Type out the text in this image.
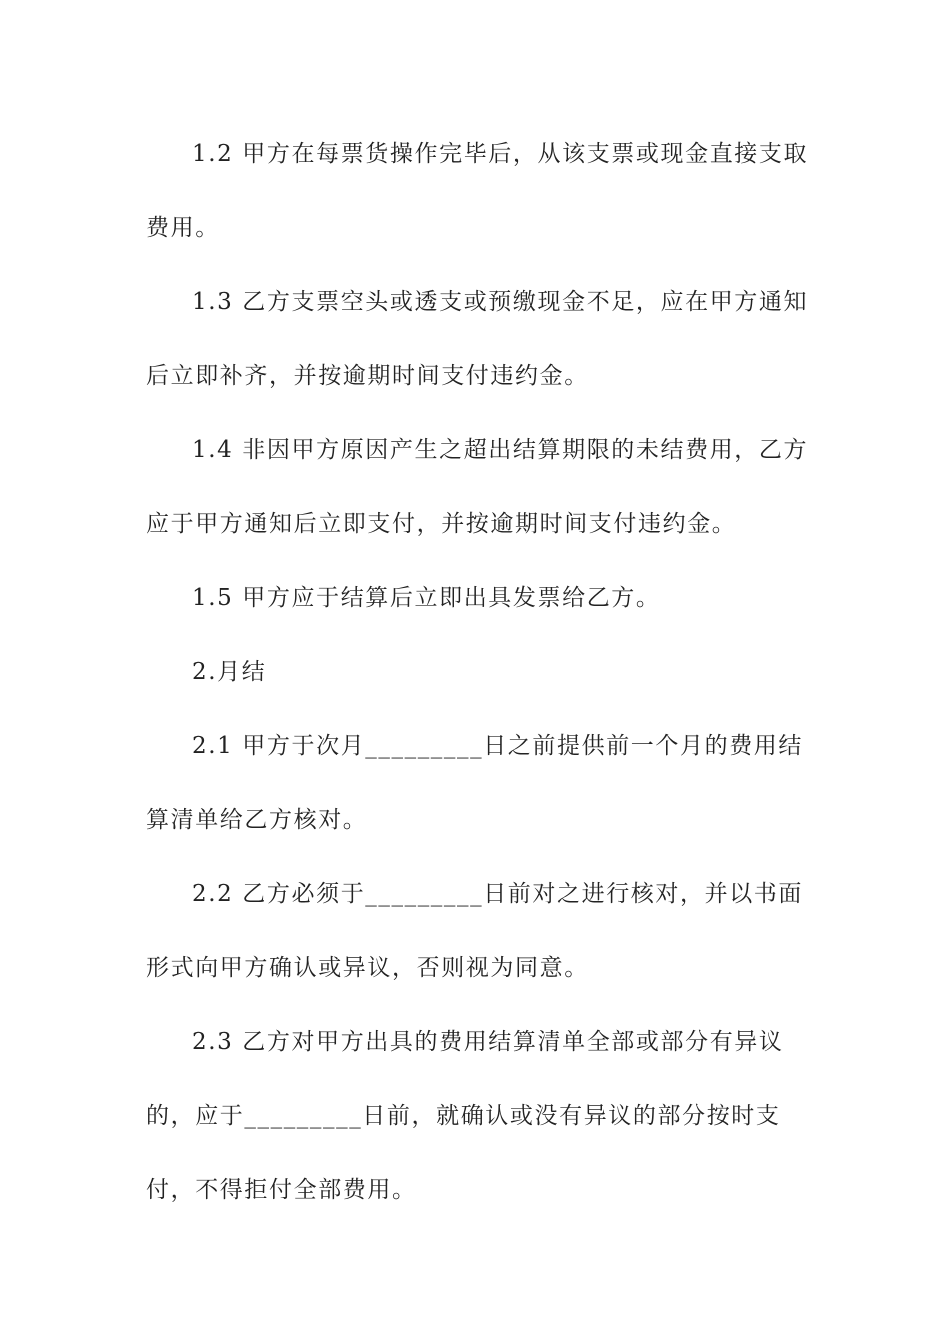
1.2 甲方在每票货操作完毕后，从该支票或现金直接支取费用。

1.3 乙方支票空头或透支或预缴现金不足，应在甲方通知后立即补齐，并按逾期时间支付违约金。

1.4 非因甲方原因产生之超出结算期限的未结费用，乙方应于甲方通知后立即支付，并按逾期时间支付违约金。

1.5 甲方应于结算后立即出具发票给乙方。

2.月结

2.1 甲方于次月_________日之前提供前一个月的费用结算清单给乙方核对。

2.2 乙方必须于_________日前对之进行核对，并以书面形式向甲方确认或异议，否则视为同意。

2.3 乙方对甲方出具的费用结算清单全部或部分有异议的，应于_________日前，就确认或没有异议的部分按时支付，不得拒付全部费用。
